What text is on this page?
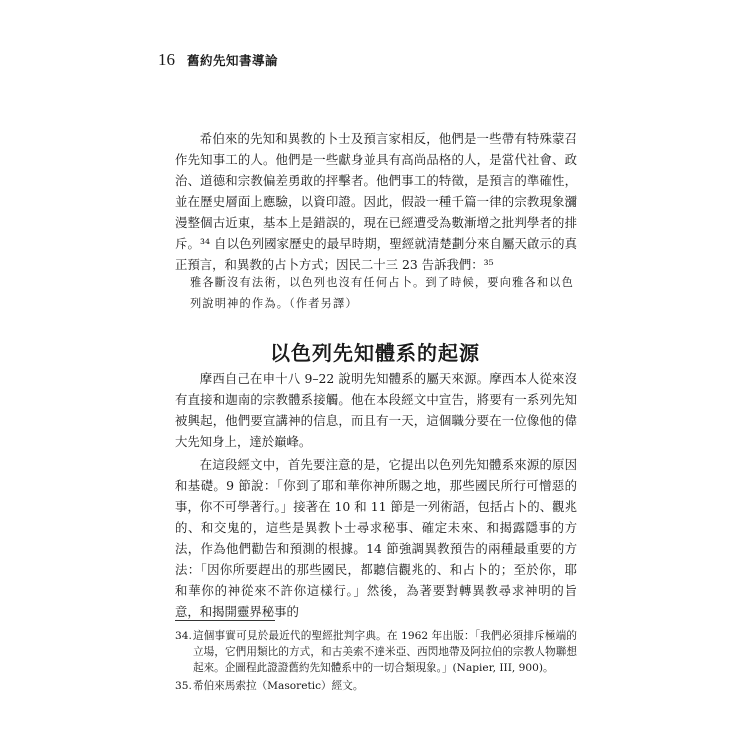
16 舊約先知書導論

希伯來的先知和異教的卜士及預言家相反，他們是一些帶有特殊蒙召作先知事工的人。他們是一些獻身並具有高尚品格的人，是當代社會、政治、道德和宗教偏差勇敢的抨擊者。他們事工的特徵，是預言的準確性，並在歷史層面上應驗，以資印證。因此，假設一種千篇一律的宗教現象瀰漫整個古近東，基本上是錯誤的，現在已經遭受為數漸增之批判學者的排斥。³⁴ 自以色列國家歷史的最早時期，聖經就清楚劃分來自屬天啟示的真正預言，和異教的占卜方式；因民二十三 23 告訴我們：³⁵

雅各斷沒有法術，以色列也沒有任何占卜。到了時候，要向雅各和以色列說明神的作為。（作者另譯）
以色列先知體系的起源

摩西自己在申十八 9–22 說明先知體系的屬天來源。摩西本人從來沒有直接和迦南的宗教體系接觸。他在本段經文中宣告，將要有一系列先知被興起，他們要宣講神的信息，而且有一天，這個職分要在一位像他的偉大先知身上，達於巔峰。

在這段經文中，首先要注意的是，它提出以色列先知體系來源的原因和基礎。9 節說：「你到了耶和華你神所賜之地，那些國民所行可憎惡的事，你不可學著行。」接著在 10 和 11 節是一列術語，包括占卜的、觀兆的、和交鬼的，這些是異教卜士尋求秘事、確定未來、和揭露隱事的方法，作為他們勸告和預測的根據。14 節強調異教預告的兩種最重要的方法：「因你所要趕出的那些國民，都聽信觀兆的、和占卜的；至於你，耶和華你的神從來不許你這樣行。」然後，為著要對轉異教尋求神明的旨意，和揭開靈界秘事的

34. 這個事實可見於最近代的聖經批判字典。在 1962 年出版：「我們必須排斥極端的立場，它們用類比的方式，和古美索不達米亞、西閃地帶及阿拉伯的宗教人物聯想起來。企圖程此證證舊約先知體系中的一切合類現象。」(Napier, III, 900)。
35. 希伯來馬索拉（Masoretic）經文。
